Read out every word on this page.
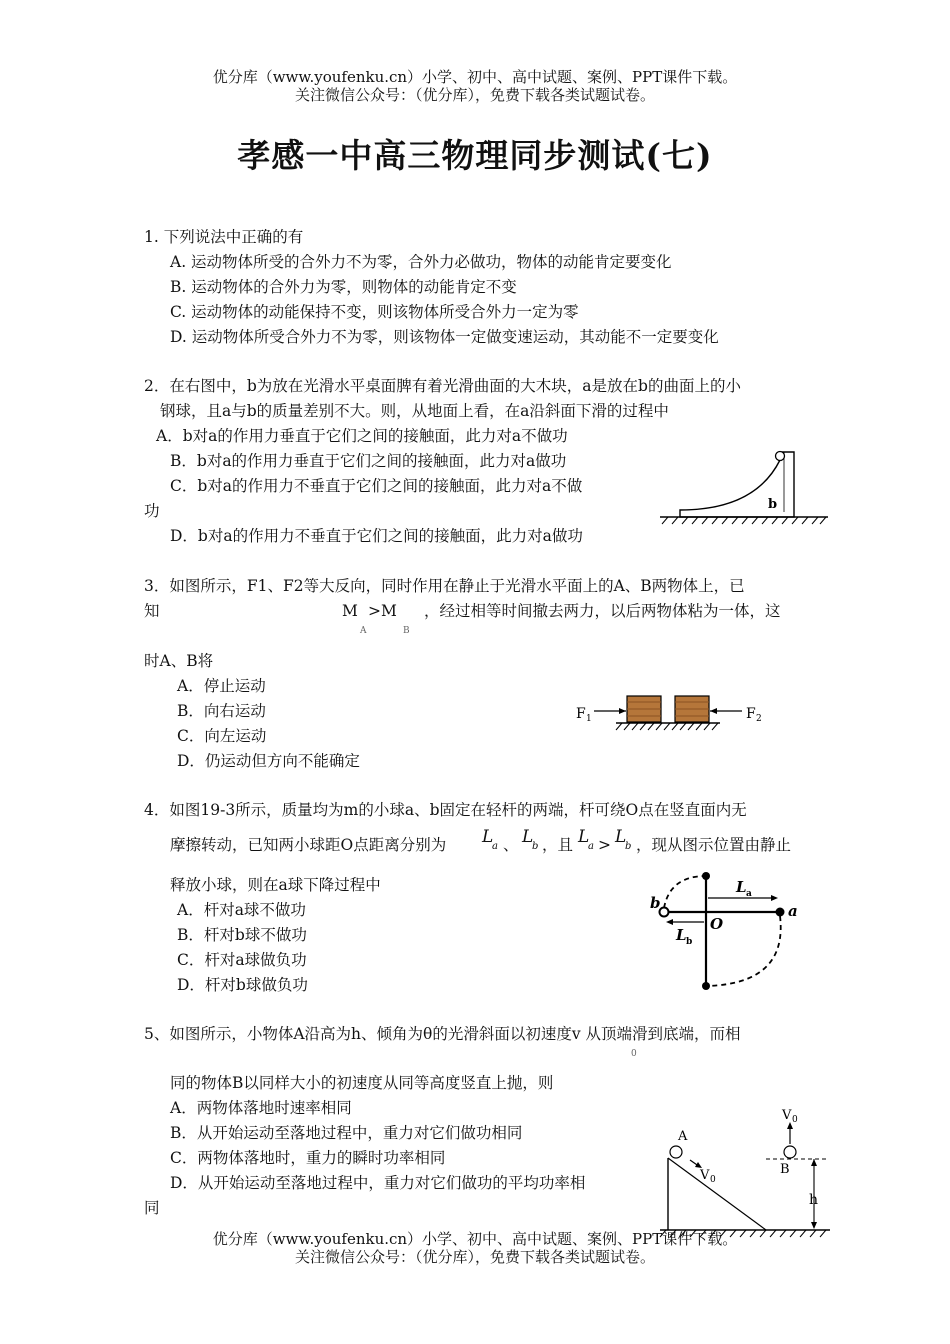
优分库（www.youfenku.cn）小学、初中、高中试题、案例、PPT课件下载。
关注微信公众号：（优分库），免费下载各类试题试卷。
孝感一中高三物理同步测试(七)
1. 下列说法中正确的有
A. 运动物体所受的合外力不为零，合外力必做功，物体的动能肯定要变化
B. 运动物体的合外力为零，则物体的动能肯定不变
C. 运动物体的动能保持不变，则该物体所受合外力一定为零
D. 运动物体所受合外力不为零，则该物体一定做变速运动，其动能不一定要变化
2．在右图中，b为放在光滑水平桌面脾有着光滑曲面的大木块，a是放在b的曲面上的小
钢球，且a与b的质量差别不大。则，从地面上看，在a沿斜面下滑的过程中
A．b对a的作用力垂直于它们之间的接触面，此力对a不做功
B．b对a的作用力垂直于它们之间的接触面，此力对a做功
C．b对a的作用力不垂直于它们之间的接触面，此力对a不做
功
D．b对a的作用力不垂直于它们之间的接触面，此力对a做功
b
3．如图所示，F1、F2等大反向，同时作用在静止于光滑水平面上的A、B两物体上，已
知	M >M ，经过相等时间撤去两力，以后两物体粘为一体，这
A	B
时A、B将
A．停止运动
B．向右运动
C．向左运动
D．仍运动但方向不能确定
F 1	F 2
4．如图19-3所示，质量均为m的小球a、b固定在轻杆的两端，杆可绕O点在竖直面内无
摩擦转动，已知两小球距O点距离分别为 L
a 、 L
b ，且 L
a > L
b ，现从图示位置由静止
释放小球，则在a球下降过程中
A．杆对a球不做功
B．杆对b球不做功
C．杆对a球做负功
D．杆对b球做负功
L a
L b
O
b	a
5、如图所示，小物体A沿高为h、倾角为θ的光滑斜面以初速度v 从顶端滑到底端，而相
0
同的物体B以同样大小的初速度从同等高度竖直上抛，则
A．两物体落地时速率相同
B．从开始运动至落地过程中，重力对它们做功相同
C．两物体落地时，重力的瞬时功率相同
D．从开始运动至落地过程中，重力对它们做功的平均功率相
同
A
V 0
V 0
B
h
优分库（www.youfenku.cn）小学、初中、高中试题、案例、PPT课件下载。
关注微信公众号：（优分库），免费下载各类试题试卷。
